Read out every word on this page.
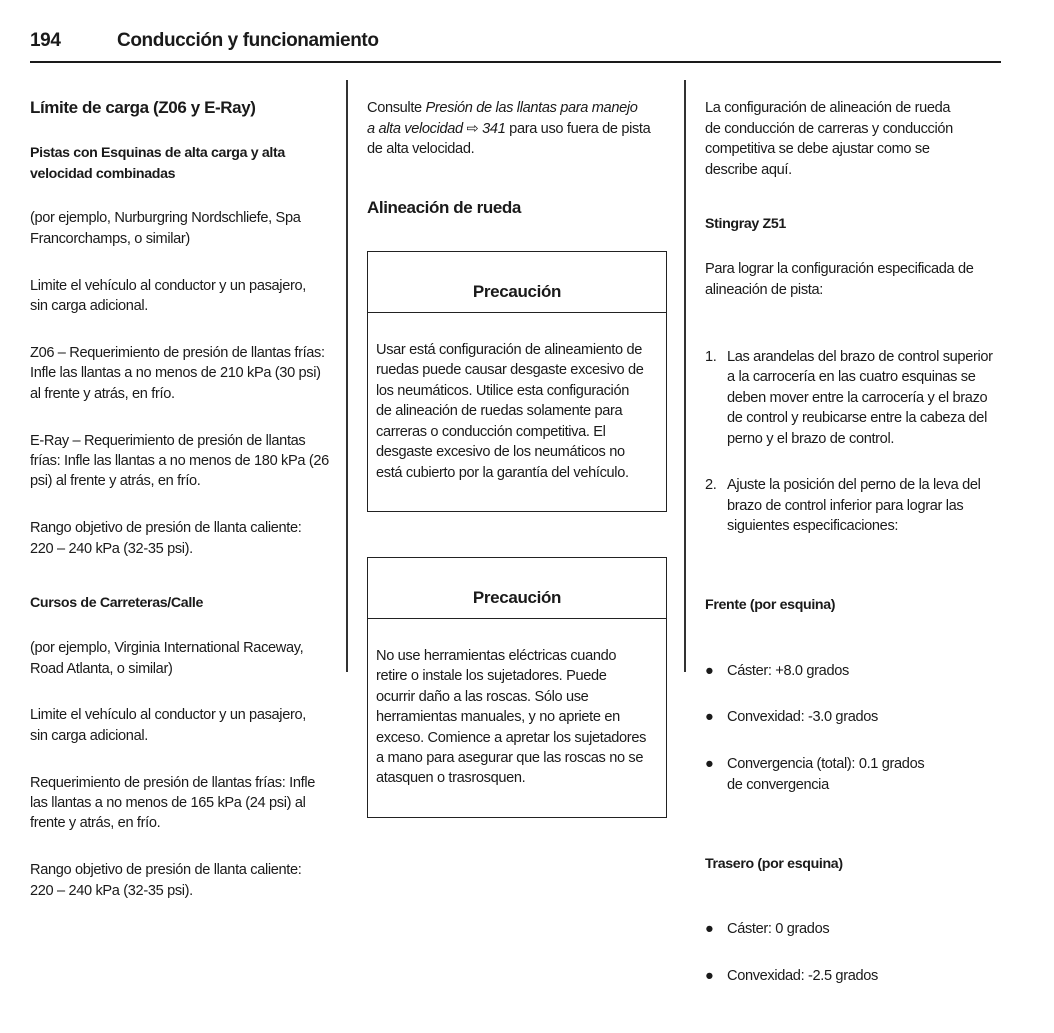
194	Conducción y funcionamiento

Límite de carga (Z06 y E-Ray)

Pistas con Esquinas de alta carga y alta
velocidad combinadas

(por ejemplo, Nurburgring Nordschliefe, Spa
Francorchamps, o similar)

Limite el vehículo al conductor y un pasajero,
sin carga adicional.

Z06 – Requerimiento de presión de llantas frías:
Infle las llantas a no menos de 210 kPa (30 psi)
al frente y atrás, en frío.

E-Ray – Requerimiento de presión de llantas
frías: Infle las llantas a no menos de 180 kPa (26
psi) al frente y atrás, en frío.

Rango objetivo de presión de llanta caliente:
220 – 240 kPa (32-35 psi).

Cursos de Carreteras/Calle

(por ejemplo, Virginia International Raceway,
Road Atlanta, o similar)

Limite el vehículo al conductor y un pasajero,
sin carga adicional.

Requerimiento de presión de llantas frías: Infle
las llantas a no menos de 165 kPa (24 psi) al
frente y atrás, en frío.

Rango objetivo de presión de llanta caliente:
220 – 240 kPa (32-35 psi).

Consulte Presión de las llantas para manejo
a alta velocidad ⇨ 341 para uso fuera de pista
de alta velocidad.

Alineación de rueda

Precaución

Usar está configuración de alineamiento de
ruedas puede causar desgaste excesivo de
los neumáticos. Utilice esta configuración
de alineación de ruedas solamente para
carreras o conducción competitiva. El
desgaste excesivo de los neumáticos no
está cubierto por la garantía del vehículo.

Precaución

No use herramientas eléctricas cuando
retire o instale los sujetadores. Puede
ocurrir daño a las roscas. Sólo use
herramientas manuales, y no apriete en
exceso. Comience a apretar los sujetadores
a mano para asegurar que las roscas no se
atasquen o trasrosquen.

La configuración de alineación de rueda
de conducción de carreras y conducción
competitiva se debe ajustar como se
describe aquí.

Stingray Z51

Para lograr la configuración especificada de
alineación de pista:

1. Las arandelas del brazo de control superior
a la carrocería en las cuatro esquinas se
deben mover entre la carrocería y el brazo
de control y reubicarse entre la cabeza del
perno y el brazo de control.

2. Ajuste la posición del perno de la leva del
brazo de control inferior para lograr las
siguientes especificaciones:

Frente (por esquina)

● Cáster: +8.0 grados

● Convexidad: -3.0 grados

● Convergencia (total): 0.1 grados
de convergencia

Trasero (por esquina)

● Cáster: 0 grados

● Convexidad: -2.5 grados
